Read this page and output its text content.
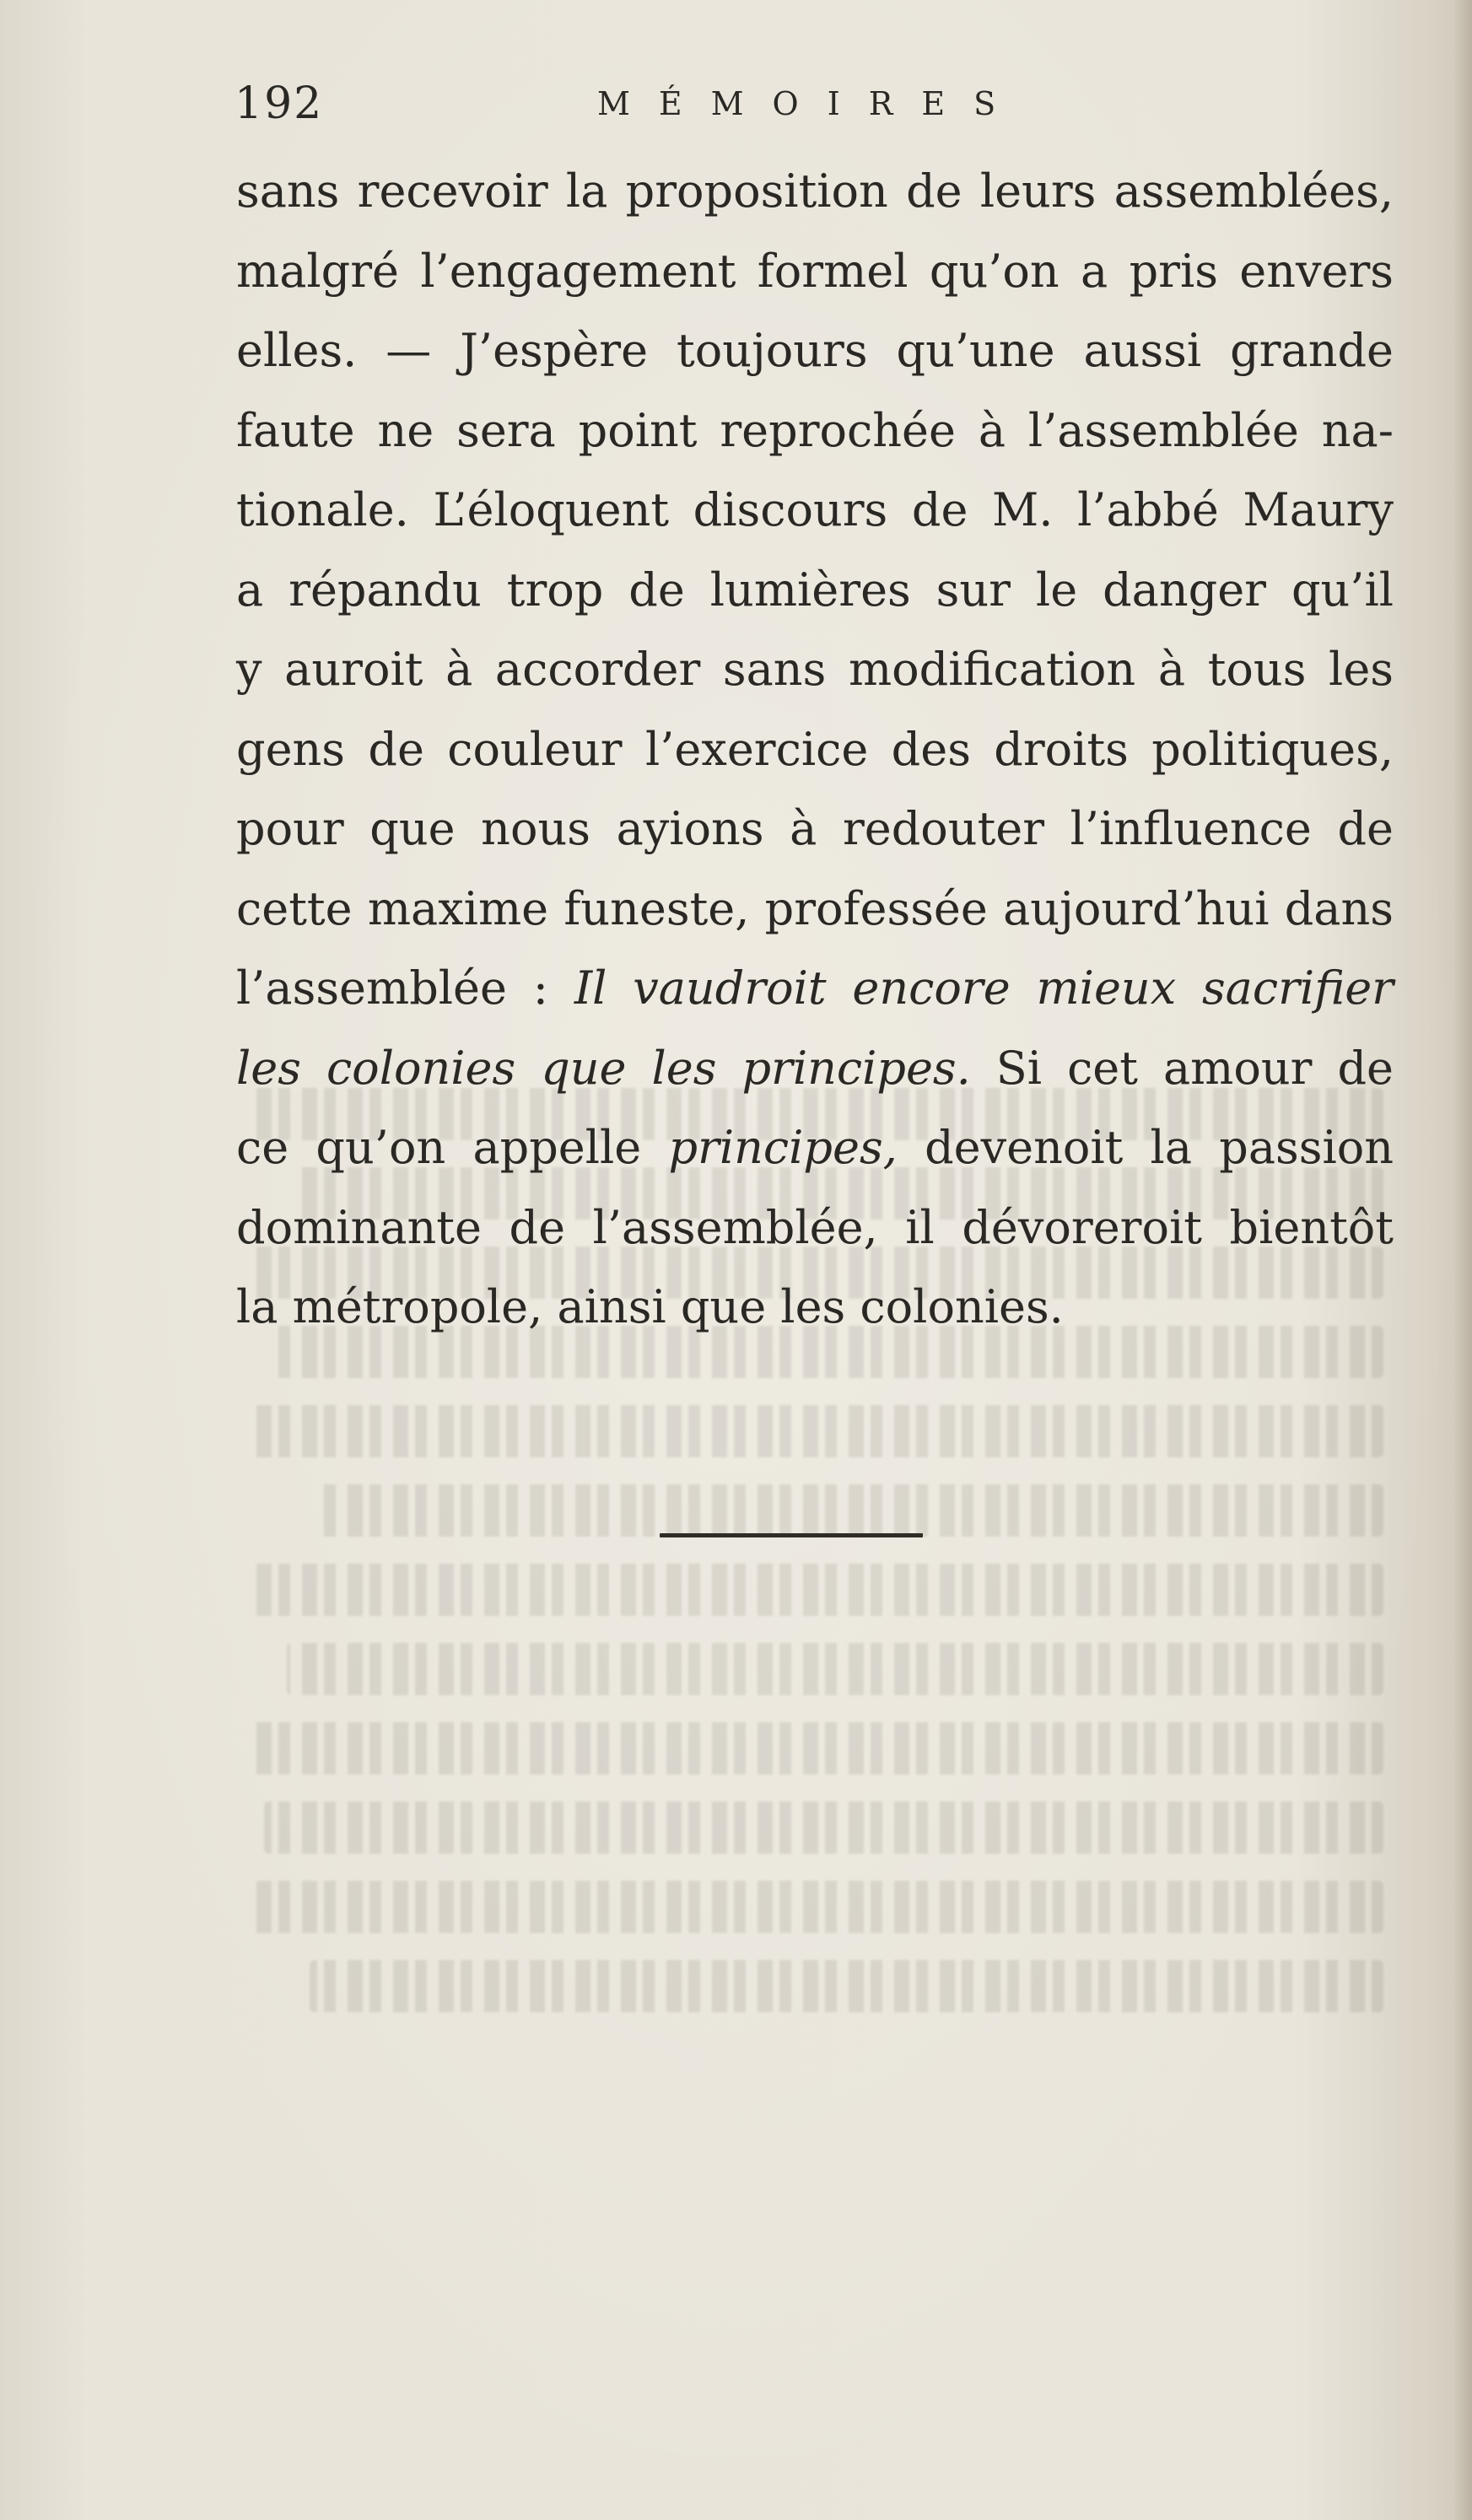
192	MÉMOIRES
sans recevoir la proposition de leurs assemblées,
malgré l’engagement formel qu’on a pris envers
elles. — J’espère toujours qu’une aussi grande
faute ne sera point reprochée à l’assemblée na-
tionale. L’éloquent discours de M. l’abbé Maury
a répandu trop de lumières sur le danger qu’il
y auroit à accorder sans modification à tous les
gens de couleur l’exercice des droits politiques,
pour que nous ayions à redouter l’influence de
cette maxime funeste, professée aujourd’hui dans
l’assemblée : Il vaudroit encore mieux sacrifier
les colonies que les principes. Si cet amour de
ce qu’on appelle principes, devenoit la passion
dominante de l’assemblée, il dévoreroit bientôt
la métropole, ainsi que les colonies.
